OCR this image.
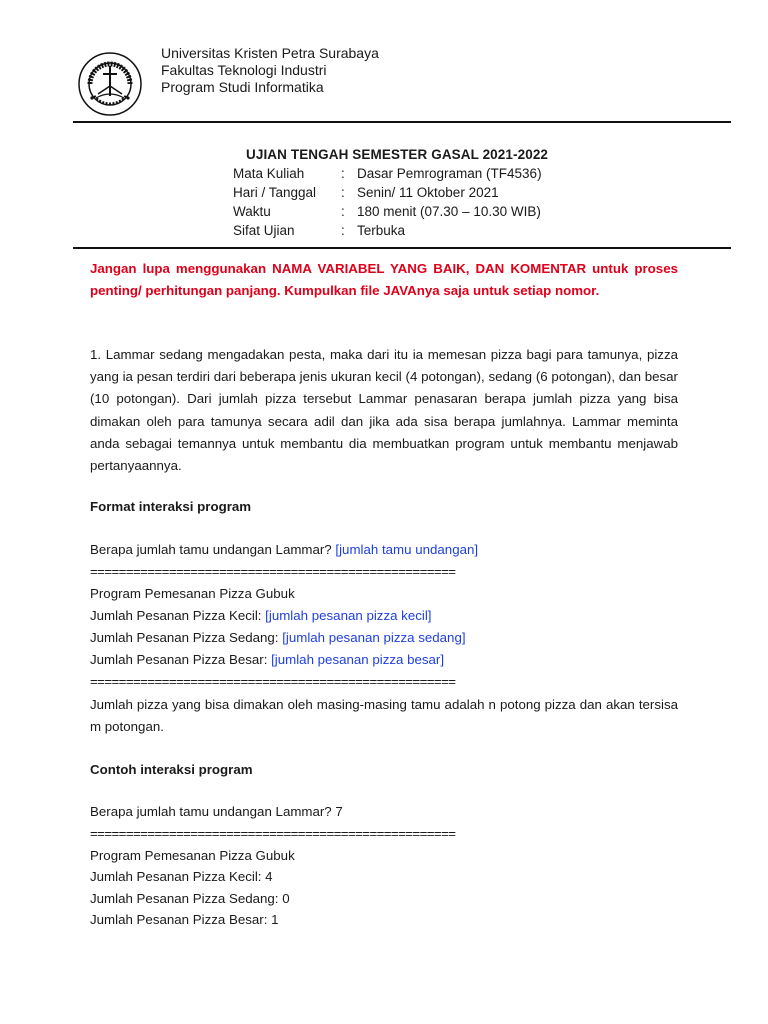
Universitas Kristen Petra Surabaya
Fakultas Teknologi Industri
Program Studi Informatika
UJIAN TENGAH SEMESTER GASAL 2021-2022
Mata Kuliah	: Dasar Pemrograman (TF4536)
Hari / Tanggal : Senin/ 11 Oktober 2021
Waktu	: 180 menit (07.30 – 10.30 WIB)
Sifat Ujian	: Terbuka
Jangan lupa menggunakan NAMA VARIABEL YANG BAIK, DAN KOMENTAR untuk proses penting/ perhitungan panjang. Kumpulkan file JAVAnya saja untuk setiap nomor.
1. Lammar sedang mengadakan pesta, maka dari itu ia memesan pizza bagi para tamunya, pizza yang ia pesan terdiri dari beberapa jenis ukuran kecil (4 potongan), sedang (6 potongan), dan besar (10 potongan). Dari jumlah pizza tersebut Lammar penasaran berapa jumlah pizza yang bisa dimakan oleh para tamunya secara adil dan jika ada sisa berapa jumlahnya. Lammar meminta anda sebagai temannya untuk membantu dia membuatkan program untuk membantu menjawab pertanyaannya.
Format interaksi program
Berapa jumlah tamu undangan Lammar? [jumlah tamu undangan]
===================================================
Program Pemesanan Pizza Gubuk
Jumlah Pesanan Pizza Kecil: [jumlah pesanan pizza kecil]
Jumlah Pesanan Pizza Sedang: [jumlah pesanan pizza sedang]
Jumlah Pesanan Pizza Besar: [jumlah pesanan pizza besar]
===================================================
Jumlah pizza yang bisa dimakan oleh masing-masing tamu adalah n potong pizza dan akan tersisa m potongan.
Contoh interaksi program
Berapa jumlah tamu undangan Lammar? 7
===================================================
Program Pemesanan Pizza Gubuk
Jumlah Pesanan Pizza Kecil: 4
Jumlah Pesanan Pizza Sedang: 0
Jumlah Pesanan Pizza Besar: 1
